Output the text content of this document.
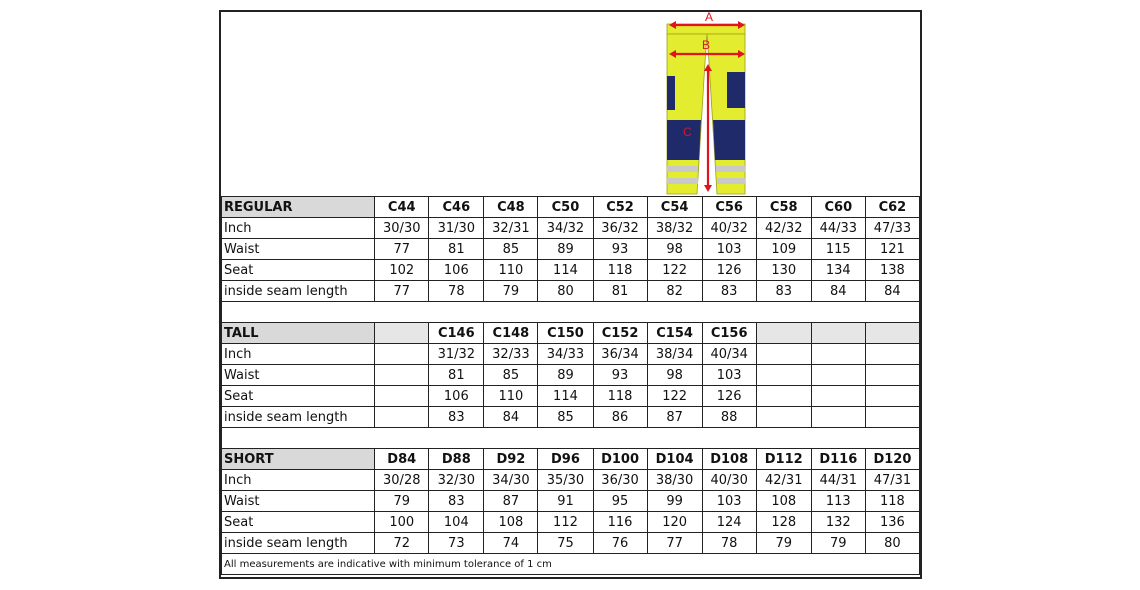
A
B
C
REGULAR	C44	C46	C48	C50	C52	C54	C56	C58	C60	C62
Inch	30/30	31/30	32/31	34/32	36/32	38/32	40/32	42/32	44/33	47/33
Waist	77	81	85	89	93	98	103	109	115	121
Seat	102	106	110	114	118	122	126	130	134	138
inside seam length	77	78	79	80	81	82	83	83	84	84

TALL		C146	C148	C150	C152	C154	C156			
Inch		31/32	32/33	34/33	36/34	38/34	40/34			
Waist		81	85	89	93	98	103			
Seat		106	110	114	118	122	126			
inside seam length		83	84	85	86	87	88			

SHORT	D84	D88	D92	D96	D100	D104	D108	D112	D116	D120
Inch	30/28	32/30	34/30	35/30	36/30	38/30	40/30	42/31	44/31	47/31
Waist	79	83	87	91	95	99	103	108	113	118
Seat	100	104	108	112	116	120	124	128	132	136
inside seam length	72	73	74	75	76	77	78	79	79	80
All measurements are indicative with minimum tolerance of 1 cm										
